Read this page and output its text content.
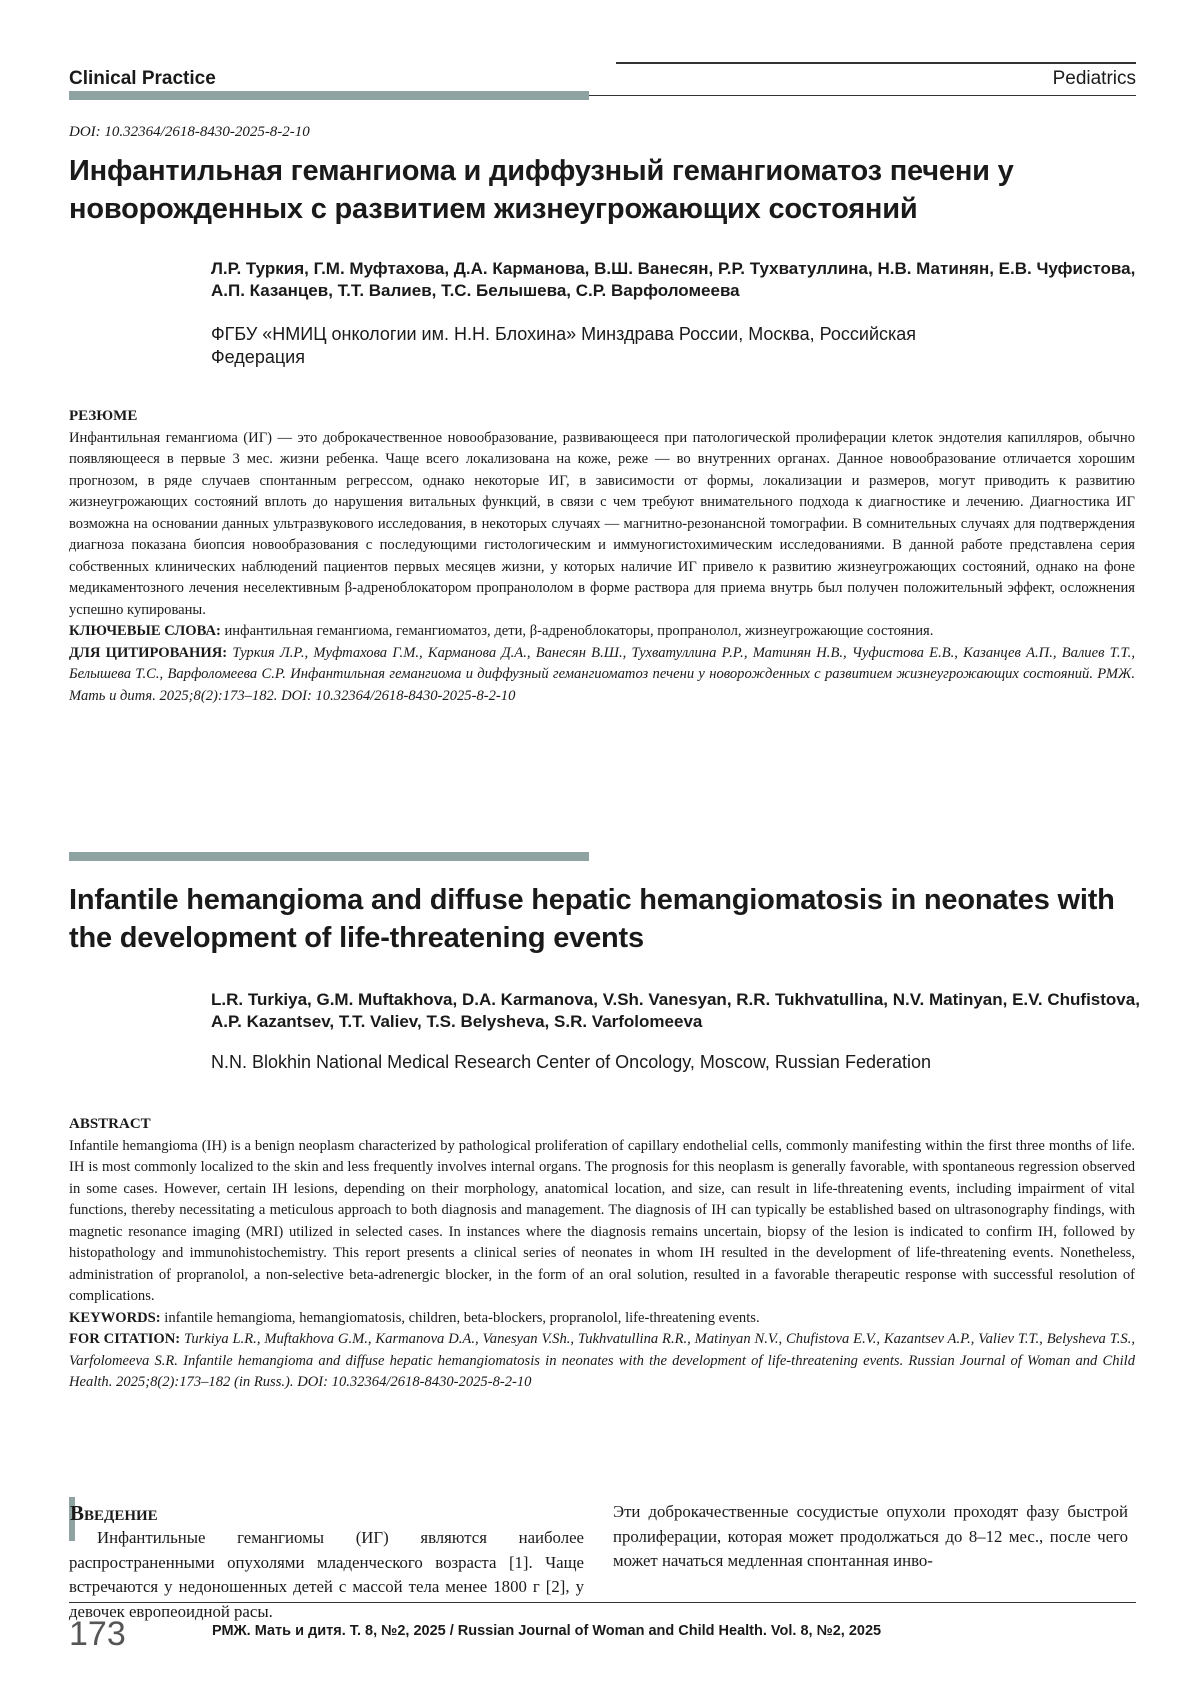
Clinical Practice	Pediatrics
DOI: 10.32364/2618-8430-2025-8-2-10
Инфантильная гемангиома и диффузный гемангиоматоз печени у новорожденных с развитием жизнеугрожающих состояний
Л.Р. Туркия, Г.М. Муфтахова, Д.А. Карманова, В.Ш. Ванесян, Р.Р. Тухватуллина, Н.В. Матинян, Е.В. Чуфистова, А.П. Казанцев, Т.Т. Валиев, Т.С. Белышева, С.Р. Варфоломеева
ФГБУ «НМИЦ онкологии им. Н.Н. Блохина» Минздрава России, Москва, Российская Федерация
РЕЗЮМЕ

Инфантильная гемангиома (ИГ) — это доброкачественное новообразование, развивающееся при патологической пролиферации клеток эндотелия капилляров, обычно появляющееся в первые 3 мес. жизни ребенка. Чаще всего локализована на коже, реже — во внутренних органах. Данное новообразование отличается хорошим прогнозом, в ряде случаев спонтанным регрессом, однако некоторые ИГ, в зависимости от формы, локализации и размеров, могут приводить к развитию жизнеугрожающих состояний вплоть до нарушения витальных функций, в связи с чем требуют внимательного подхода к диагностике и лечению. Диагностика ИГ возможна на основании данных ультразвукового исследования, в некоторых случаях — магнитно-резонансной томографии. В сомнительных случаях для подтверждения диагноза показана биопсия новообразования с последующими гистологическим и иммуногистохимическим исследованиями. В данной работе представлена серия собственных клинических наблюдений пациентов первых месяцев жизни, у которых наличие ИГ привело к развитию жизнеугрожающих состояний, однако на фоне медикаментозного лечения неселективным β-адреноблокатором пропранололом в форме раствора для приема внутрь был получен положительный эффект, осложнения успешно купированы.

КЛЮЧЕВЫЕ СЛОВА: инфантильная гемангиома, гемангиоматоз, дети, β-адреноблокаторы, пропранолол, жизнеугрожающие состояния.

ДЛЯ ЦИТИРОВАНИЯ: Туркия Л.Р., Муфтахова Г.М., Карманова Д.А., Ванесян В.Ш., Тухватуллина Р.Р., Матинян Н.В., Чуфистова Е.В., Казанцев А.П., Валиев Т.Т., Белышева Т.С., Варфоломеева С.Р. Инфантильная гемангиома и диффузный гемангиоматоз печени у новорожденных с развитием жизнеугрожающих состояний. РМЖ. Мать и дитя. 2025;8(2):173–182. DOI: 10.32364/2618-8430-2025-8-2-10

Infantile hemangioma and diffuse hepatic hemangiomatosis in neonates with the development of life-threatening events
L.R. Turkiya, G.M. Muftakhova, D.A. Karmanova, V.Sh. Vanesyan, R.R. Tukhvatullina, N.V. Matinyan, E.V. Chufistova, A.P. Kazantsev, T.T. Valiev, T.S. Belysheva, S.R. Varfolomeeva
N.N. Blokhin National Medical Research Center of Oncology, Moscow, Russian Federation
ABSTRACT

Infantile hemangioma (IH) is a benign neoplasm characterized by pathological proliferation of capillary endothelial cells, commonly manifesting within the first three months of life. IH is most commonly localized to the skin and less frequently involves internal organs. The prognosis for this neoplasm is generally favorable, with spontaneous regression observed in some cases. However, certain IH lesions, depending on their morphology, anatomical location, and size, can result in life-threatening events, including impairment of vital functions, thereby necessitating a meticulous approach to both diagnosis and management. The diagnosis of IH can typically be established based on ultrasonography findings, with magnetic resonance imaging (MRI) utilized in selected cases. In instances where the diagnosis remains uncertain, biopsy of the lesion is indicated to confirm IH, followed by histopathology and immunohistochemistry. This report presents a clinical series of neonates in whom IH resulted in the development of life-threatening events. Nonetheless, administration of propranolol, a non-selective beta-adrenergic blocker, in the form of an oral solution, resulted in a favorable therapeutic response with successful resolution of complications.

KEYWORDS: infantile hemangioma, hemangiomatosis, children, beta-blockers, propranolol, life-threatening events.

FOR CITATION: Turkiya L.R., Muftakhova G.M., Karmanova D.A., Vanesyan V.Sh., Tukhvatullina R.R., Matinyan N.V., Chufistova E.V., Kazantsev A.P., Valiev T.T., Belysheva T.S., Varfolomeeva S.R. Infantile hemangioma and diffuse hepatic hemangiomatosis in neonates with the development of life-threatening events. Russian Journal of Woman and Child Health. 2025;8(2):173–182 (in Russ.). DOI: 10.32364/2618-8430-2025-8-2-10

Введение

Инфантильные гемангиомы (ИГ) являются наиболее распространенными опухолями младенческого возраста [1]. Чаще встречаются у недоношенных детей с массой тела менее 1800 г [2], у девочек европеоидной расы.

Эти доброкачественные сосудистые опухоли проходят фазу быстрой пролиферации, которая может продолжаться до 8–12 мес., после чего может начаться медленная спонтанная инво-

173	РМЖ. Мать и дитя. Т. 8, №2, 2025 / Russian Journal of Woman and Child Health. Vol. 8, №2, 2025
